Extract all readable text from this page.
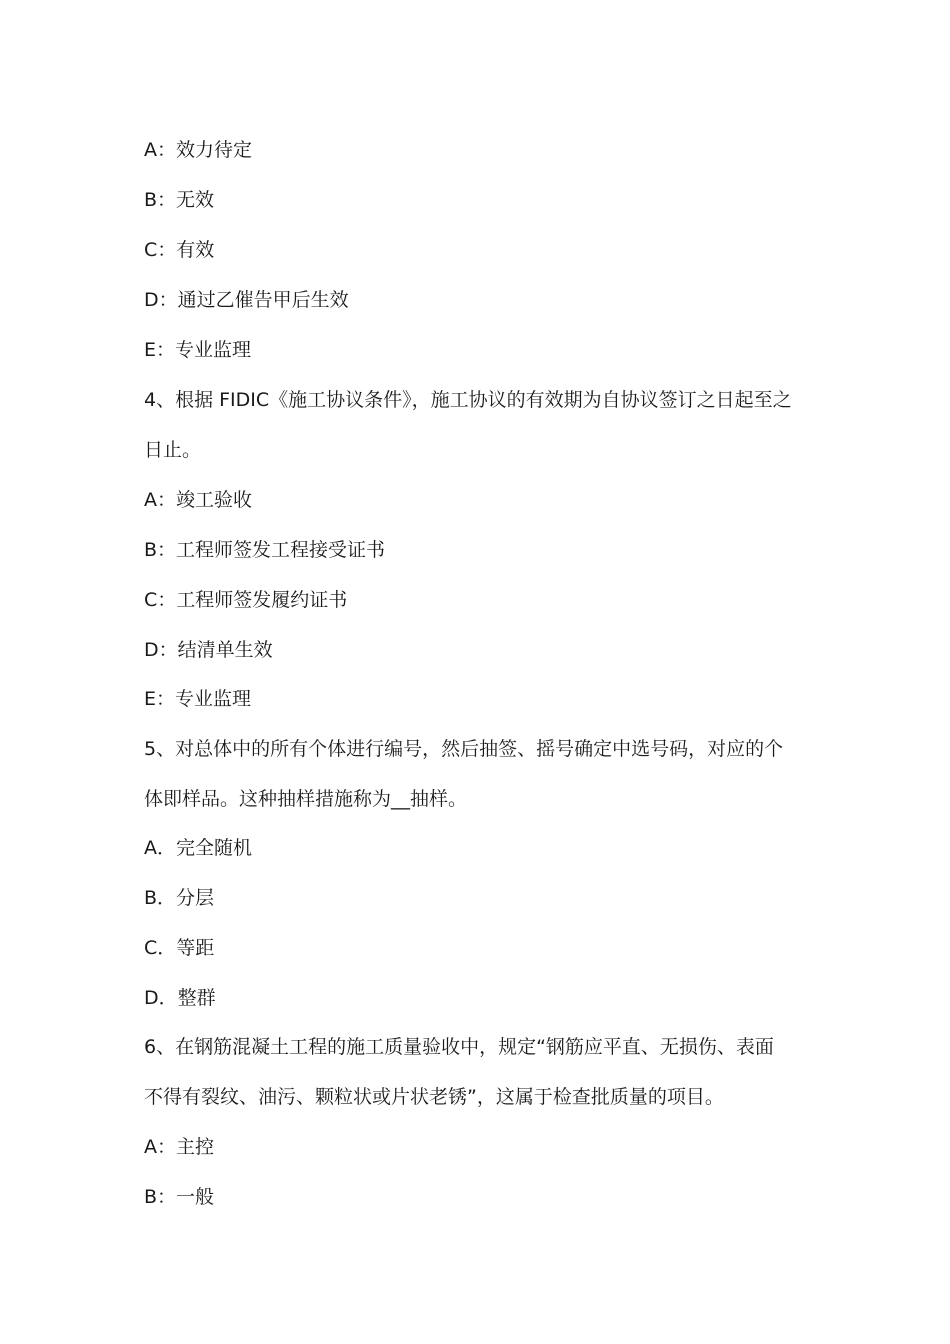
A：效力待定
B：无效
C：有效
D：通过乙催告甲后生效
E：专业监理
4、根据 FIDIC《施工协议条件》，施工协议的有效期为自协议签订之日起至之
日止。
A：竣工验收
B：工程师签发工程接受证书
C：工程师签发履约证书
D：结清单生效
E：专业监理
5、对总体中的所有个体进行编号，然后抽签、摇号确定中选号码，对应的个
体即样品。这种抽样措施称为__抽样。
A．完全随机
B．分层
C．等距
D．整群
6、在钢筋混凝土工程的施工质量验收中，规定“钢筋应平直、无损伤、表面
不得有裂纹、油污、颗粒状或片状老锈”，这属于检查批质量的项目。
A：主控
B：一般
